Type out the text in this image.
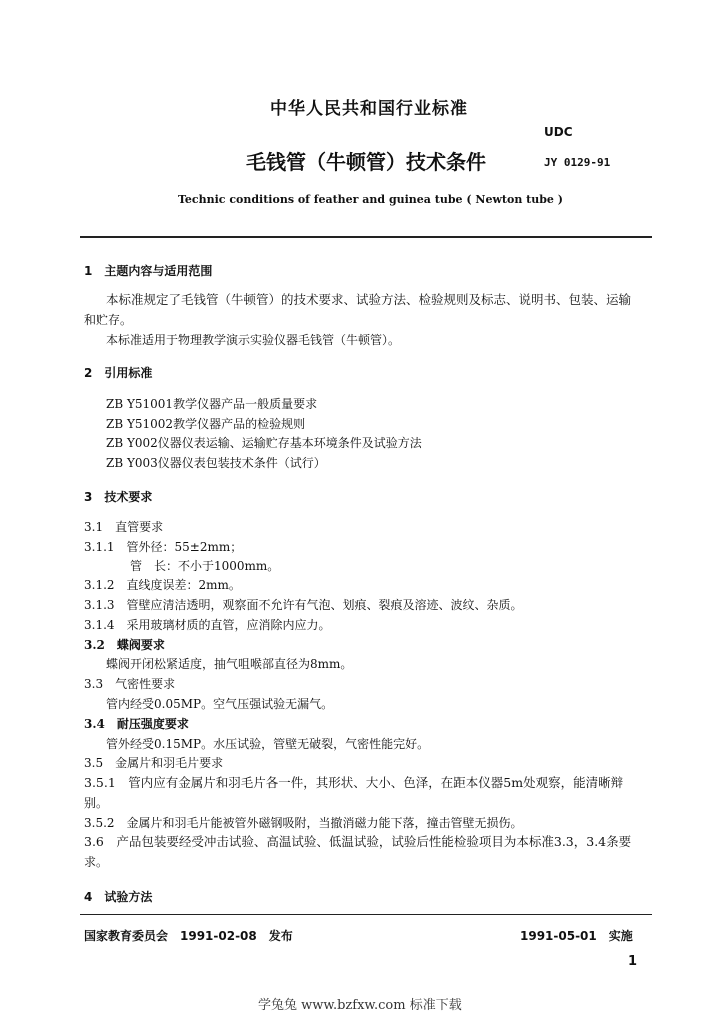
中华人民共和国行业标准
UDC
毛钱管（牛顿管）技术条件	JY 0129-91
Technic conditions of feather and guinea tube ( Newton tube )
1　主题内容与适用范围
本标准规定了毛钱管（牛顿管）的技术要求、试验方法、检验规则及标志、说明书、包装、运输
和贮存。
本标准适用于物理教学演示实验仪器毛钱管（牛顿管）。
2　引用标准
ZB Y51001教学仪器产品一般质量要求
ZB Y51002教学仪器产品的检验规则
ZB Y002仪器仪表运输、运输贮存基本环境条件及试验方法
ZB Y003仪器仪表包装技术条件（试行）
3　技术要求
3.1　直管要求
3.1.1　管外径：55±2mm；
管　长：不小于1000mm。
3.1.2　直线度误差：2mm。
3.1.3　管壁应清洁透明，观察面不允许有气泡、划痕、裂痕及溶迹、波纹、杂质。
3.1.4　采用玻璃材质的直管，应消除内应力。
3.2　蝶阀要求
蝶阀开闭松紧适度，抽气咀喉部直径为8mm。
3.3　气密性要求
管内经受0.05MP。空气压强试验无漏气。
3.4　耐压强度要求
管外经受0.15MP。水压试验，管壁无破裂，气密性能完好。
3.5　金属片和羽毛片要求
3.5.1　管内应有金属片和羽毛片各一件，其形状、大小、色泽，在距本仪器5m处观察，能清晰辩
别。
3.5.2　金属片和羽毛片能被管外磁钢吸附，当撤消磁力能下落，撞击管壁无损伤。
3.6　产品包装要经受冲击试验、高温试验、低温试验，试验后性能检验项目为本标准3.3，3.4条要
求。
4　试验方法
国家教育委员会　1991-02-08　发布	1991-05-01　实施
1
学兔兔 www.bzfxw.com 标准下载
